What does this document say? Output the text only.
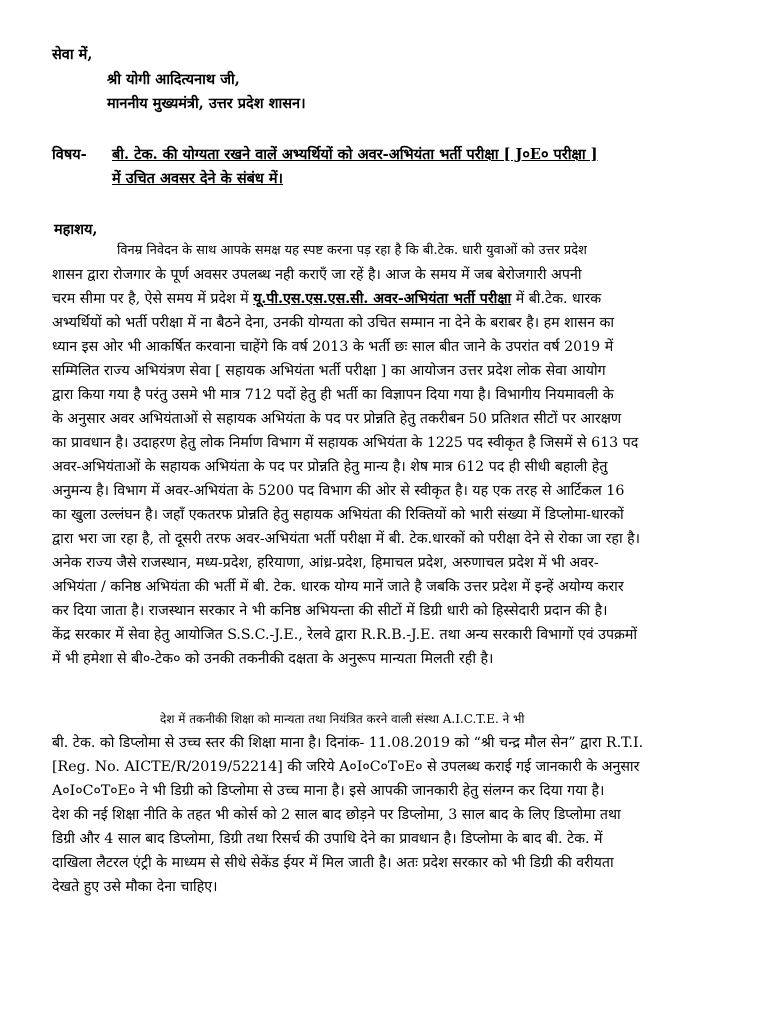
सेवा में,
श्री योगी आदित्यनाथ जी,
माननीय मुख्यमंत्री, उत्तर प्रदेश शासन।
विषय- बी. टेक. की योग्यता रखने वालें अभ्यर्थियों को अवर-अभियंता भर्ती परीक्षा [ J०E० परीक्षा ]
में उचित अवसर देने के संबंध में।
महाशय,
विनम्र निवेदन के साथ आपके समक्ष यह स्पष्ट करना पड़ रहा है कि बी.टेक. धारी युवाओं को उत्तर प्रदेश
शासन द्वारा रोजगार के पूर्ण अवसर उपलब्ध नही कराएँ जा रहें है। आज के समय में जब बेरोजगारी अपनी
चरम सीमा पर है, ऐसे समय में प्रदेश में यू.पी.एस.एस.एस.सी. अवर-अभियंता भर्ती परीक्षा में बी.टेक. धारक
अभ्यर्थियों को भर्ती परीक्षा में ना बैठने देना, उनकी योग्यता को उचित सम्मान ना देने के बराबर है। हम शासन का
ध्यान इस ओर भी आकर्षित करवाना चाहेंगे कि वर्ष 2013 के भर्ती छः साल बीत जाने के उपरांत वर्ष 2019 में
सम्मिलित राज्य अभियंत्रण सेवा [ सहायक अभियंता भर्ती परीक्षा ] का आयोजन उत्तर प्रदेश लोक सेवा आयोग
द्वारा किया गया है परंतु उसमे भी मात्र 712 पदों हेतु ही भर्ती का विज्ञापन दिया गया है। विभागीय नियमावली के
के अनुसार अवर अभियंताओं से सहायक अभियंता के पद पर प्रोन्नति हेतु तकरीबन 50 प्रतिशत सीटों पर आरक्षण
का प्रावधान है। उदाहरण हेतु लोक निर्माण विभाग में सहायक अभियंता के 1225 पद स्वीकृत है जिसमें से 613 पद
अवर-अभियंताओं के सहायक अभियंता के पद पर प्रोन्नति हेतु मान्य है। शेष मात्र 612 पद ही सीधी बहाली हेतु
अनुमन्य है। विभाग में अवर-अभियंता के 5200 पद विभाग की ओर से स्वीकृत है। यह एक तरह से आर्टिकल 16
का खुला उल्लंघन है। जहाँ एकतरफ प्रोन्नति हेतु सहायक अभियंता की रिक्तियों को भारी संख्या में डिप्लोमा-धारकों
द्वारा भरा जा रहा है, तो दूसरी तरफ अवर-अभियंता भर्ती परीक्षा में बी. टेक.धारकों को परीक्षा देने से रोका जा रहा है।
अनेक राज्य जैसे राजस्थान, मध्य-प्रदेश, हरियाणा, आंध्र-प्रदेश, हिमाचल प्रदेश, अरुणाचल प्रदेश में भी अवर-
अभियंता / कनिष्ठ अभियंता की भर्ती में बी. टेक. धारक योग्य मानें जाते है जबकि उत्तर प्रदेश में इन्हें अयोग्य करार
कर दिया जाता है। राजस्थान सरकार ने भी कनिष्ठ अभियन्ता की सीटों में डिग्री धारी को हिस्सेदारी प्रदान की है।
केंद्र सरकार में सेवा हेतु आयोजित S.S.C.-J.E., रेलवे द्वारा R.R.B.-J.E. तथा अन्य सरकारी विभागों एवं उपक्रमों
में भी हमेशा से बी०-टेक० को उनकी तकनीकी दक्षता के अनुरूप मान्यता मिलती रही है।
देश में तकनीकी शिक्षा को मान्यता तथा नियंत्रित करने वाली संस्था A.I.C.T.E. ने भी
बी. टेक. को डिप्लोमा से उच्च स्तर की शिक्षा माना है। दिनांक- 11.08.2019 को “श्री चन्द्र मौल सेन” द्वारा R.T.I.
[Reg. No. AICTE/R/2019/52214] की जरिये A०I०C०T०E० से उपलब्ध कराई गई जानकारी के अनुसार
A०I०C०T०E० ने भी डिग्री को डिप्लोमा से उच्च माना है। इसे आपकी जानकारी हेतु संलग्न कर दिया गया है।
देश की नई शिक्षा नीति के तहत भी कोर्स को 2 साल बाद छोड़ने पर डिप्लोमा, 3 साल बाद के लिए डिप्लोमा तथा
डिग्री और 4 साल बाद डिप्लोमा, डिग्री तथा रिसर्च की उपाधि देने का प्रावधान है। डिप्लोमा के बाद बी. टेक. में
दाखिला लैटरल एंट्री के माध्यम से सीधे सेकेंड ईयर में मिल जाती है। अतः प्रदेश सरकार को भी डिग्री की वरीयता
देखते हुए उसे मौका देना चाहिए।
